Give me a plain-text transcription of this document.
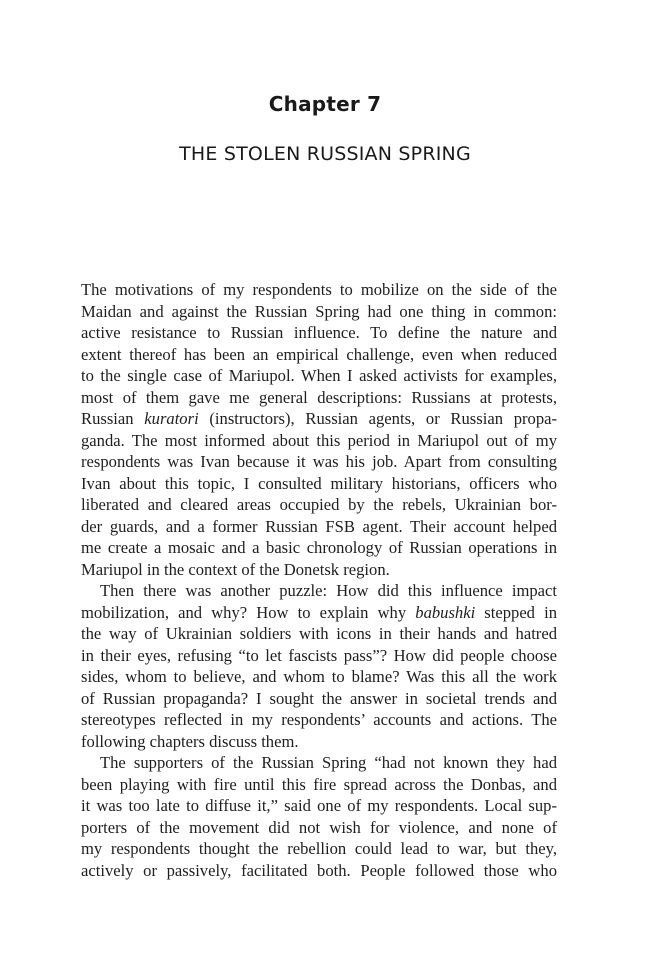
Chapter 7
THE STOLEN RUSSIAN SPRING
The motivations of my respondents to mobilize on the side of the
Maidan and against the Russian Spring had one thing in common:
active resistance to Russian influence. To define the nature and
extent thereof has been an empirical challenge, even when reduced
to the single case of Mariupol. When I asked activists for examples,
most of them gave me general descriptions: Russians at protests,
Russian kuratori (instructors), Russian agents, or Russian propa-
ganda. The most informed about this period in Mariupol out of my
respondents was Ivan because it was his job. Apart from consulting
Ivan about this topic, I consulted military historians, officers who
liberated and cleared areas occupied by the rebels, Ukrainian bor-
der guards, and a former Russian FSB agent. Their account helped
me create a mosaic and a basic chronology of Russian operations in
Mariupol in the context of the Donetsk region.
Then there was another puzzle: How did this influence impact
mobilization, and why? How to explain why babushki stepped in
the way of Ukrainian soldiers with icons in their hands and hatred
in their eyes, refusing “to let fascists pass”? How did people choose
sides, whom to believe, and whom to blame? Was this all the work
of Russian propaganda? I sought the answer in societal trends and
stereotypes reflected in my respondents’ accounts and actions. The
following chapters discuss them.
The supporters of the Russian Spring “had not known they had
been playing with fire until this fire spread across the Donbas, and
it was too late to diffuse it,” said one of my respondents. Local sup-
porters of the movement did not wish for violence, and none of
my respondents thought the rebellion could lead to war, but they,
actively or passively, facilitated both. People followed those who
